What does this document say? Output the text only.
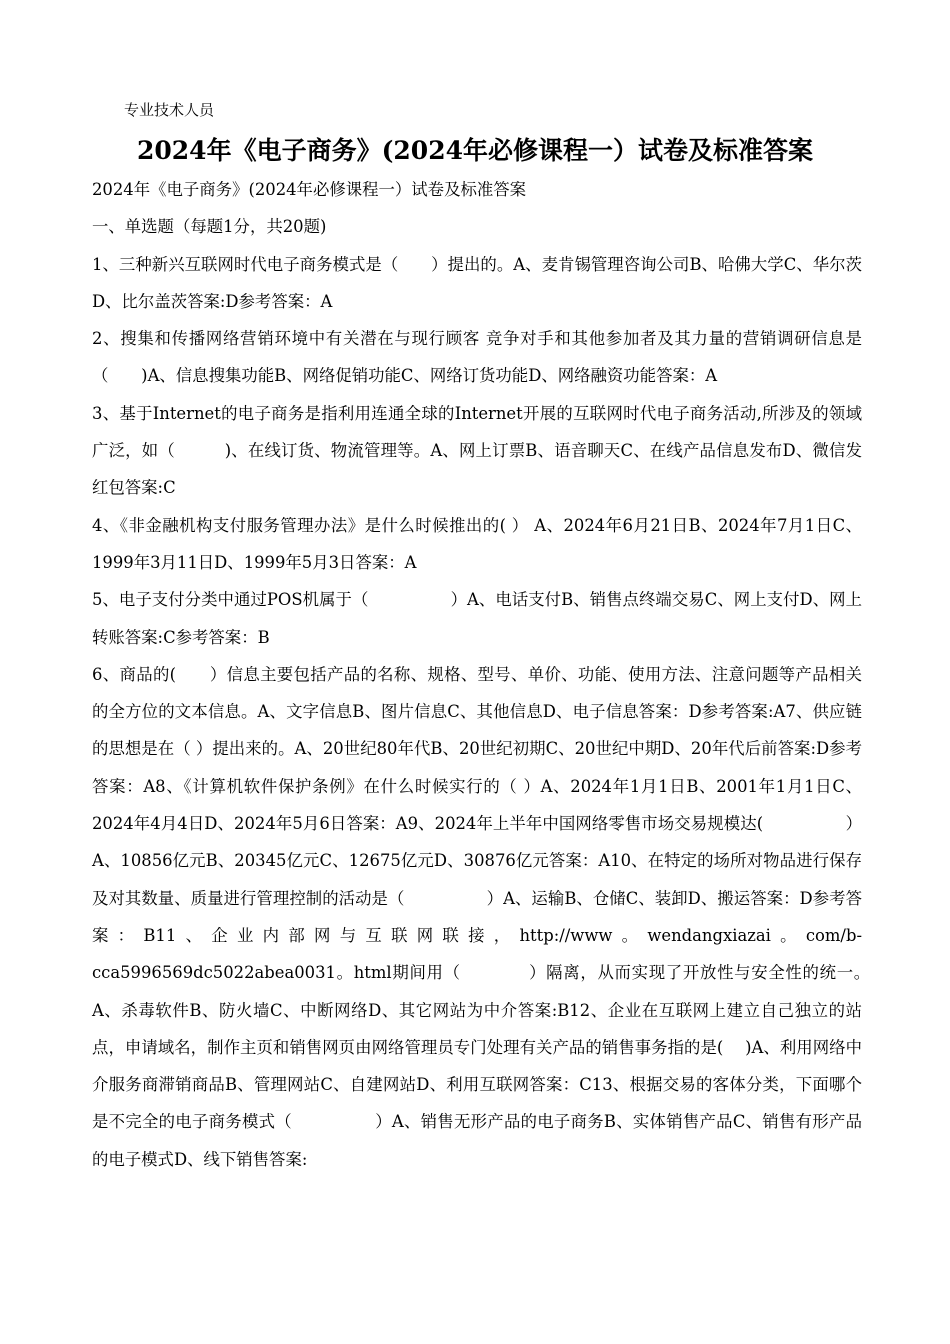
专业技术人员
2024年《电子商务》(2024年必修课程一）试卷及标准答案

2024年《电子商务》(2024年必修课程一）试卷及标准答案

一、单选题（每题1分，共20题)

1、三种新兴互联网时代电子商务模式是（　　）提出的。A、麦肯锡管理咨询公司B、哈佛大学C、华尔茨D、比尔盖茨答案:D参考答案：A

2、搜集和传播网络营销环境中有关潜在与现行顾客 竞争对手和其他参加者及其力量的营销调研信息是（　　)A、信息搜集功能B、网络促销功能C、网络订货功能D、网络融资功能答案：A

3、基于Internet的电子商务是指利用连通全球的Internet开展的互联网时代电子商务活动,所涉及的领域广泛，如（　　　)、在线订货、物流管理等。A、网上订票B、语音聊天C、在线产品信息发布D、微信发红包答案:C

4、《非金融机构支付服务管理办法》是什么时候推出的( ） A、2024年6月21日B、2024年7月1日C、1999年3月11日D、1999年5月3日答案：A

5、电子支付分类中通过POS机属于（　　　　　）A、电话支付B、销售点终端交易C、网上支付D、网上转账答案:C参考答案：B

6、商品的(　　）信息主要包括产品的名称、规格、型号、单价、功能、使用方法、注意问题等产品相关的全方位的文本信息。A、文字信息B、图片信息C、其他信息D、电子信息答案：D参考答案:A7、供应链的思想是在（ ）提出来的。A、20世纪80年代B、20世纪初期C、20世纪中期D、20年代后前答案:D参考答案：A8、《计算机软件保护条例》在什么时候实行的（ ）A、2024年1月1日B、2001年1月1日C、2024年4月4日D、2024年5月6日答案：A9、2024年上半年中国网络零售市场交易规模达(　　　　　）A、10856亿元B、20345亿元C、12675亿元D、30876亿元答案：A10、在特定的场所对物品进行保存及对其数量、质量进行管理控制的活动是（　　　　　）A、运输B、仓储C、装卸D、搬运答案：D参考答案：B11、企业内部网与互联网联接，http://www。wendangxiazai。com/b-cca5996569dc5022abea0031。html期间用（　　　　）隔离，从而实现了开放性与安全性的统一。　　　A、杀毒软件B、防火墙C、中断网络D、其它网站为中介答案:B12、企业在互联网上建立自己独立的站点，申请域名，制作主页和销售网页由网络管理员专门处理有关产品的销售事务指的是(　 )A、利用网络中介服务商滞销商品B、管理网站C、自建网站D、利用互联网答案：C13、根据交易的客体分类，下面哪个是不完全的电子商务模式（　　　　　）A、销售无形产品的电子商务B、实体销售产品C、销售有形产品的电子模式D、线下销售答案:
